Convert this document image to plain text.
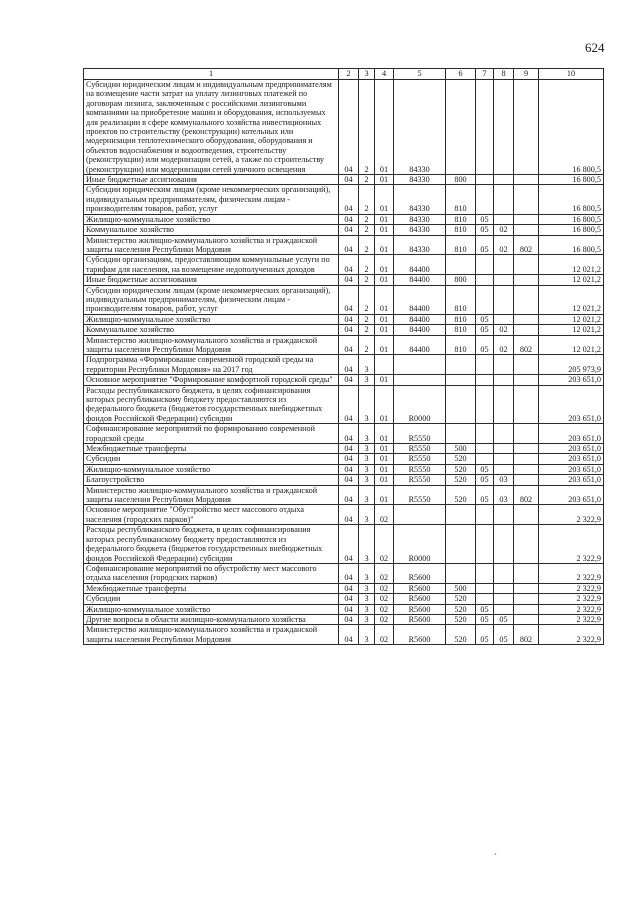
624
1	2	3	4	5	6	7	8	9	10
Субсидии юридическим лицам и индивидуальным предпринимателям на возмещение части затрат на уплату лизинговых платежей по договорам лизинга, заключенным с российскими лизинговыми компаниями на приобретение машин и оборудования, используемых для реализации в сфере коммунального хозяйства инвестиционных проектов по строительству (реконструкции) котельных или модернизации теплотехнического оборудования, оборудования и объектов водоснабжения и водоотведения, строительству (реконструкции) или модернизации сетей, а также по строительству (реконструкции) или модернизации сетей уличного освещения	04	2	01	84330					16 800,5
Иные бюджетные ассигнования	04	2	01	84330	800				16 800,5
Субсидии юридическим лицам (кроме некоммерческих организаций), индивидуальным предпринимателям, физическим лицам - производителям товаров, работ, услуг	04	2	01	84330	810				16 800,5
Жилищно-коммунальное хозяйство	04	2	01	84330	810	05			16 800,5
Коммунальное хозяйство	04	2	01	84330	810	05	02		16 800,5
Министерство жилищно-коммунального хозяйства и гражданской защиты населения Республики Мордовия	04	2	01	84330	810	05	02	802	16 800,5
Субсидии организациям, предоставляющим коммунальные услуги по тарифам для населения, на возмещение недополученных доходов	04	2	01	84400					12 021,2
Иные бюджетные ассигнования	04	2	01	84400	800				12 021,2
Субсидии юридическим лицам (кроме некоммерческих организаций), индивидуальным предпринимателям, физическим лицам - производителям товаров, работ, услуг	04	2	01	84400	810				12 021,2
Жилищно-коммунальное хозяйство	04	2	01	84400	810	05			12 021,2
Коммунальное хозяйство	04	2	01	84400	810	05	02		12 021,2
Министерство жилищно-коммунального хозяйства и гражданской защиты населения Республики Мордовия	04	2	01	84400	810	05	02	802	12 021,2
Подпрограмма «Формирование современной городской среды на территории Республики Мордовия» на 2017 год	04	3							205 973,9
Основное мероприятие "Формирование комфортной городской среды"	04	3	01						203 651,0
Расходы республиканского бюджета, в целях софинансирования которых республиканскому бюджету предоставляются из федерального бюджета (бюджетов государственных внебюджетных фондов Российской Федерации) субсидии	04	3	01	R0000					203 651,0
Софинансирование мероприятий по формированию современной городской среды	04	3	01	R5550					203 651,0
Межбюджетные трансферты	04	3	01	R5550	500				203 651,0
Субсидии	04	3	01	R5550	520				203 651,0
Жилищно-коммунальное хозяйство	04	3	01	R5550	520	05			203 651,0
Благоустройство	04	3	01	R5550	520	05	03		203 651,0
Министерство жилищно-коммунального хозяйства и гражданской защиты населения Республики Мордовия	04	3	01	R5550	520	05	03	802	203 651,0
Основное мероприятие "Обустройство мест массового отдыха населения (городских парков)"	04	3	02						2 322,9
Расходы республиканского бюджета, в целях софинансирования которых республиканскому бюджету предоставляются из федерального бюджета (бюджетов государственных внебюджетных фондов Российской Федерации) субсидии	04	3	02	R0000					2 322,9
Софинансирование мероприятий по обустройству мест массового отдыха населения (городских парков)	04	3	02	R5600					2 322,9
Межбюджетные трансферты	04	3	02	R5600	500				2 322,9
Субсидии	04	3	02	R5600	520				2 322,9
Жилищно-коммунальное хозяйство	04	3	02	R5600	520	05			2 322,9
Другие вопросы в области жилищно-коммунального хозяйства	04	3	02	R5600	520	05	05		2 322,9
Министерство жилищно-коммунального хозяйства и гражданской защиты населения Республики Мордовия	04	3	02	R5600	520	05	05	802	2 322,9
`
